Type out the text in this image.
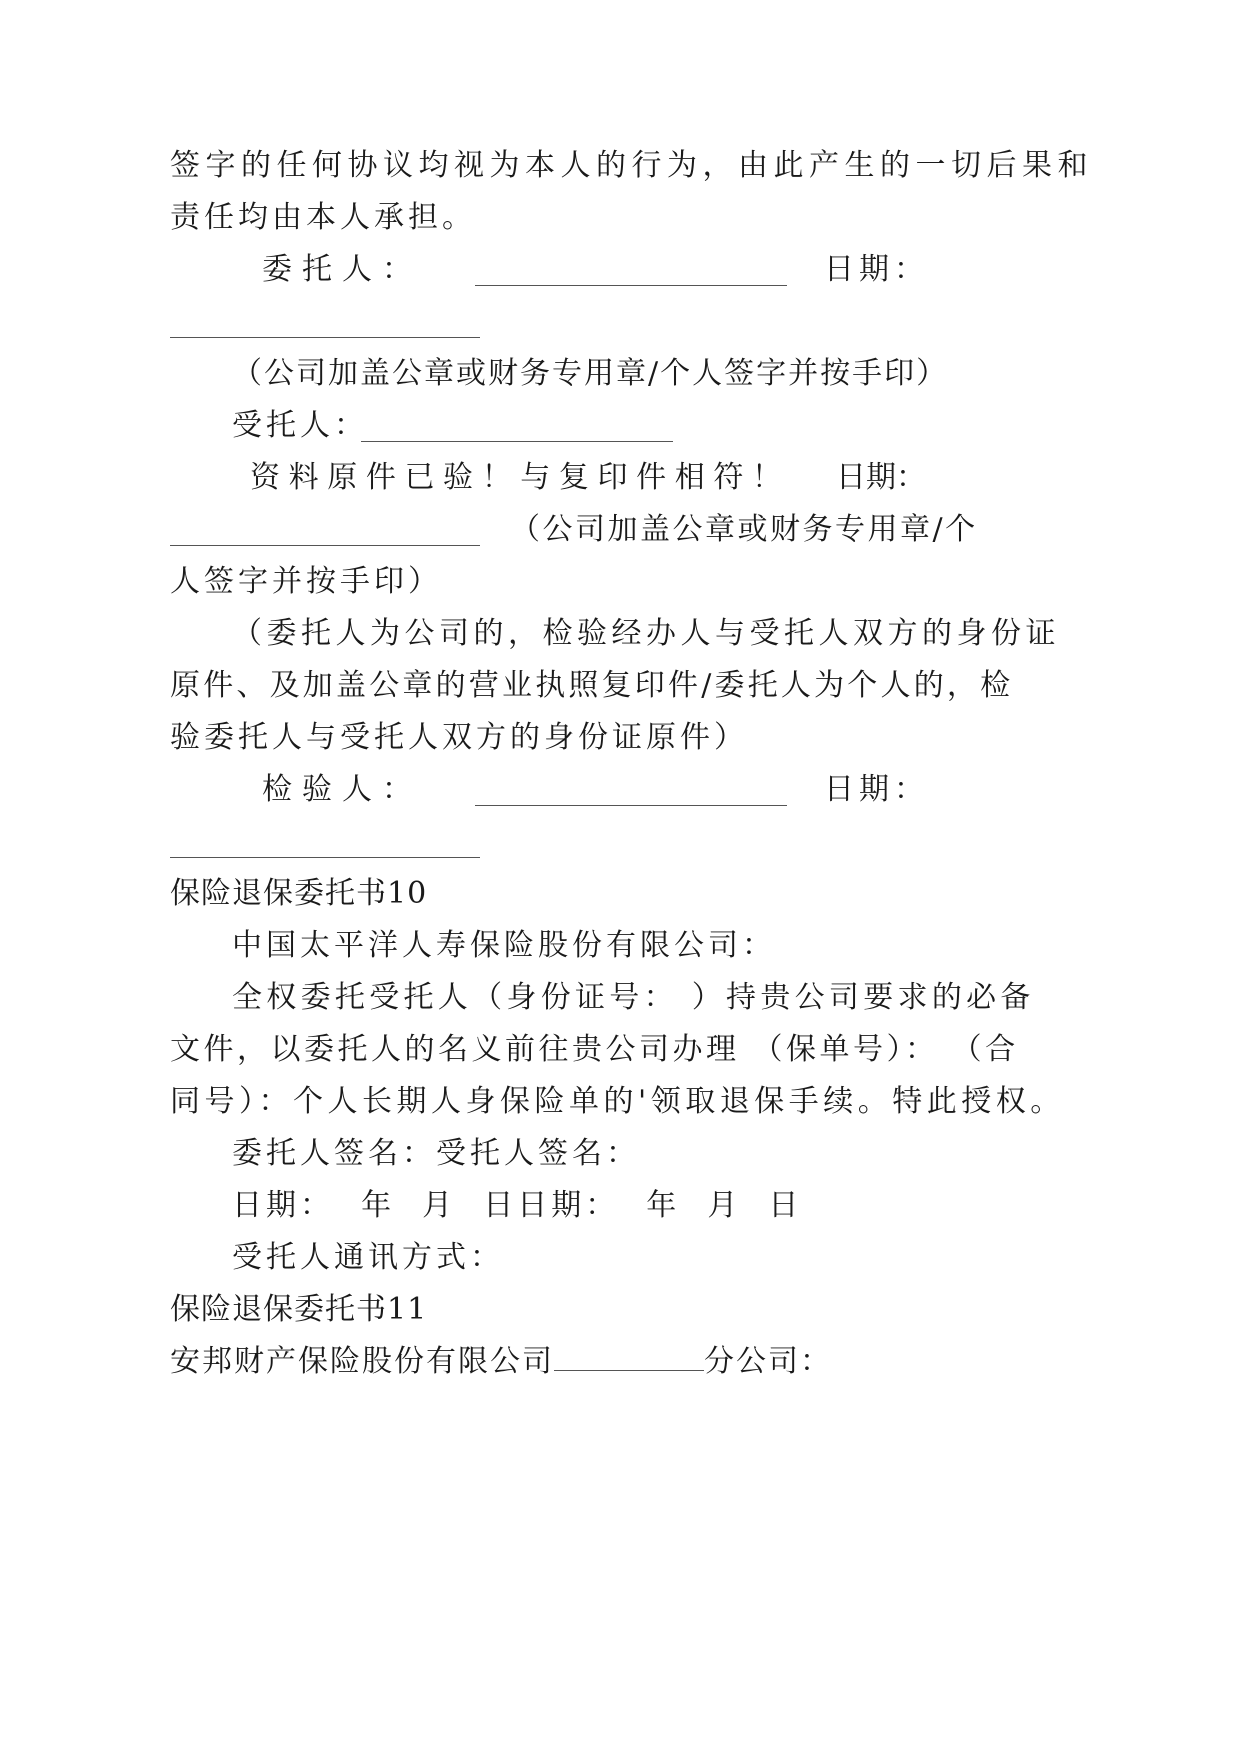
签字的任何协议均视为本人的行为，由此产生的一切后果和
责任均由本人承担。
委 托 人 ：	日 期 ：
（公司加盖公章或财务专用章/个人签字并按手印）
受托人：
资 料 原 件 已 验 ！ 与 复 印 件 相 符 ！ 日 期 ：
（公司加盖公章或财务专用章/个
人签字并按手印）
（委托人为公司的，检验经办人与受托人双方的身份证
原件、及加盖公章的营业执照复印件/委托人为个人的，检
验委托人与受托人双方的身份证原件）
检 验 人 ：	日 期 ：
保险退保委托书10
中国太平洋人寿保险股份有限公司：
全权委托受托人（身份证号： ）持贵公司要求的必备
文件，以委托人的名义前往贵公司办理 （保单号）： （合
同号）：个人长期人身保险单的'领取退保手续。特此授权。
委托人签名：受托人签名：
日期：  年  月  日日期：  年  月  日
受托人通讯方式：
保险退保委托书11
安邦财产保险股份有限公司	分公司：
